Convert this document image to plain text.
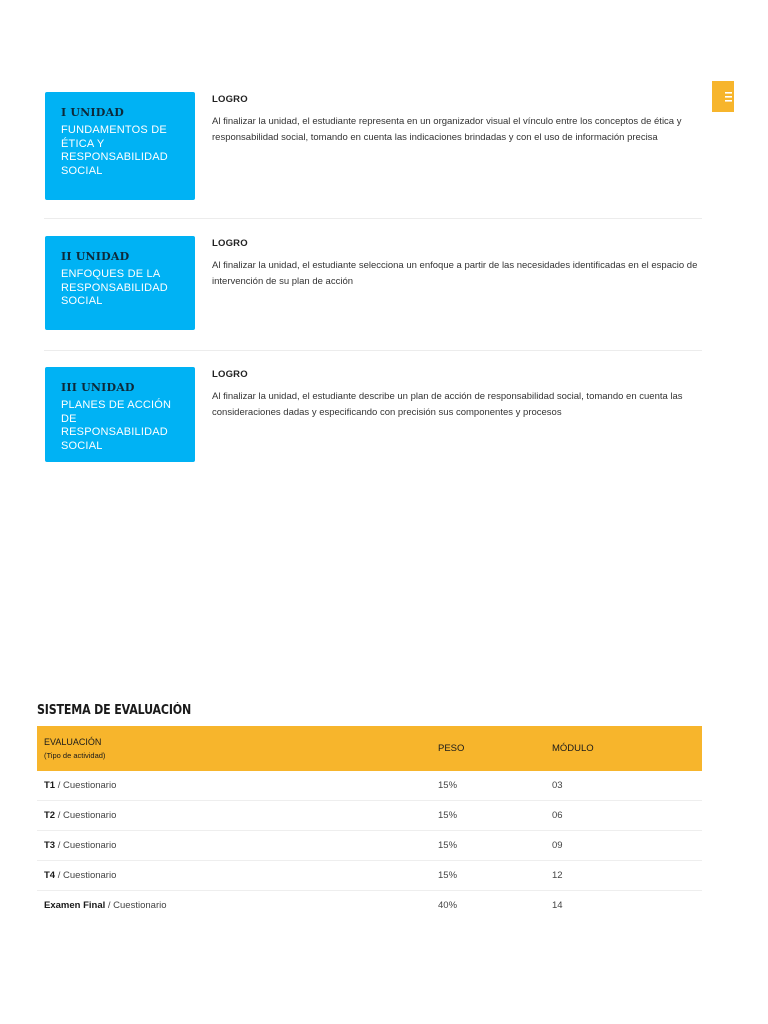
I UNIDAD
FUNDAMENTOS DE ÉTICA Y RESPONSABILIDAD SOCIAL
LOGRO
Al finalizar la unidad, el estudiante representa en un organizador visual el vínculo entre los conceptos de ética y responsabilidad social, tomando en cuenta las indicaciones brindadas y con el uso de información precisa
II UNIDAD
ENFOQUES DE LA RESPONSABILIDAD SOCIAL
LOGRO
Al finalizar la unidad, el estudiante selecciona un enfoque a partir de las necesidades identificadas en el espacio de intervención de su plan de acción
III UNIDAD
PLANES DE ACCIÓN DE RESPONSABILIDAD SOCIAL
LOGRO
Al finalizar la unidad, el estudiante describe un plan de acción de responsabilidad social, tomando en cuenta las consideraciones dadas y especificando con precisión sus componentes y procesos
SISTEMA DE EVALUACIÓN
EVALUACIÓN
(Tipo de actividad)	PESO	MÓDULO
T1 / Cuestionario	15%	03
T2 / Cuestionario	15%	06
T3 / Cuestionario	15%	09
T4 / Cuestionario	15%	12
Examen Final / Cuestionario	40%	14
